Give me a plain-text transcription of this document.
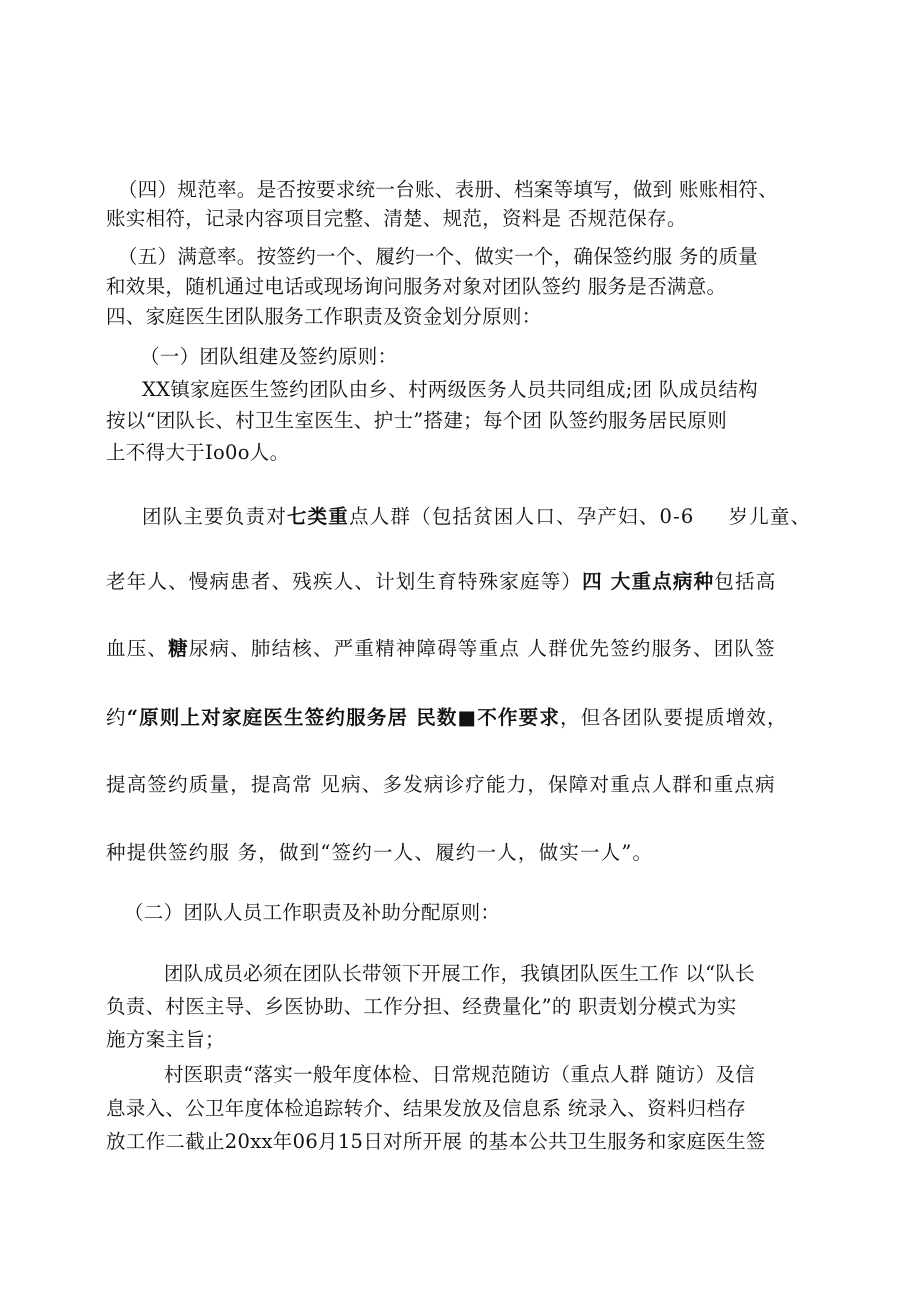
（四）规范率。是否按要求统一台账、表册、档案等填写，做到 账账相符、

账实相符，记录内容项目完整、清楚、规范，资料是 否规范保存。

（五）满意率。按签约一个、履约一个、做实一个，确保签约服 务的质量

和效果，随机通过电话或现场询问服务对象对团队签约 服务是否满意。

四、家庭医生团队服务工作职责及资金划分原则：

（一）团队组建及签约原则：

XX镇家庭医生签约团队由乡、村两级医务人员共同组成;团 队成员结构

按以“团队长、村卫生室医生、护士”搭建；每个团 队签约服务居民原则

上不得大于Io0o人。

团队主要负责对七类重点人群（包括贫困人口、孕产妇、0-6 岁儿童、

老年人、慢病患者、残疾人、计划生育特殊家庭等）四 大重点病种包括高

血压、糖尿病、肺结核、严重精神障碍等重点 人群优先签约服务、团队签

约“原则上对家庭医生签约服务居 民数■不作要求，但各团队要提质增效，

提高签约质量，提高常 见病、多发病诊疗能力，保障对重点人群和重点病

种提供签约服 务，做到“签约一人、履约一人，做实一人”。

（二）团队人员工作职责及补助分配原则：

团队成员必须在团队长带领下开展工作，我镇团队医生工作 以“队长

负责、村医主导、乡医协助、工作分担、经费量化”的 职责划分模式为实

施方案主旨；

村医职责“落实一般年度体检、日常规范随访（重点人群 随访）及信

息录入、公卫年度体检追踪转介、结果发放及信息系 统录入、资料归档存

放工作二截止20xx年06月15日对所开展 的基本公共卫生服务和家庭医生签
